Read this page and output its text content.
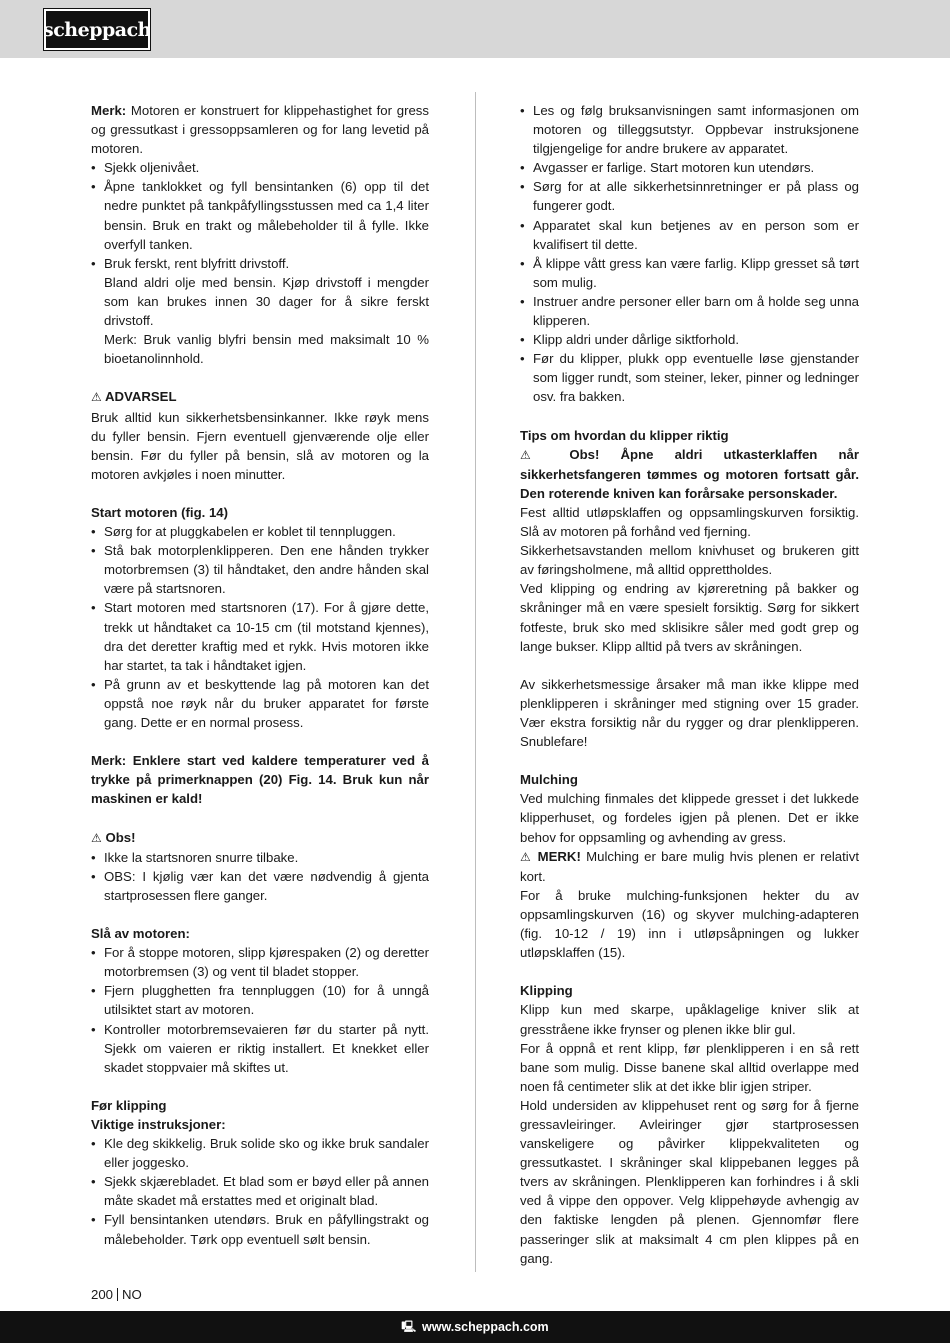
scheppach

Merk: Motoren er konstruert for klippehastighet for gress og gressutkast i gressoppsamleren og for lang levetid på motoren.

• Sjekk oljenivået.
• Åpne tanklokket og fyll bensintanken (6) opp til det nedre punktet på tankpåfyllingsstussen med ca 1,4 liter bensin. Bruk en trakt og målebeholder til å fylle. Ikke overfyll tanken.
• Bruk ferskt, rent blyfritt drivstoff.

Bland aldri olje med bensin. Kjøp drivstoff i mengder som kan brukes innen 30 dager for å sikre ferskt drivstoff.

Merk: Bruk vanlig blyfri bensin med maksimalt 10 % bioetanolinnhold.

⚠ ADVARSEL

Bruk alltid kun sikkerhetsbensinkanner. Ikke røyk mens du fyller bensin. Fjern eventuell gjenværende olje eller bensin. Før du fyller på bensin, slå av motoren og la motoren avkjøles i noen minutter.

Start motoren (fig. 14)

• Sørg for at pluggkabelen er koblet til tennpluggen.
• Stå bak motorplenklipperen. Den ene hånden trykker motorbremsen (3) til håndtaket, den andre hånden skal være på startsnoren.
• Start motoren med startsnoren (17). For å gjøre dette, trekk ut håndtaket ca 10-15 cm (til motstand kjennes), dra det deretter kraftig med et rykk. Hvis motoren ikke har startet, ta tak i håndtaket igjen.
• På grunn av et beskyttende lag på motoren kan det oppstå noe røyk når du bruker apparatet for første gang. Dette er en normal prosess.

Merk: Enklere start ved kaldere temperaturer ved å trykke på primerknappen (20) Fig. 14. Bruk kun når maskinen er kald!

⚠ Obs!

• Ikke la startsnoren snurre tilbake.
• OBS: I kjølig vær kan det være nødvendig å gjenta startprosessen flere ganger.

Slå av motoren:

• For å stoppe motoren, slipp kjørespaken (2) og deretter motorbremsen (3) og vent til bladet stopper.
• Fjern plugghetten fra tennpluggen (10) for å unngå utilsiktet start av motoren.
• Kontroller motorbremsevaieren før du starter på nytt. Sjekk om vaieren er riktig installert. Et knekket eller skadet stoppvaier må skiftes ut.

Før klipping

Viktige instruksjoner:

• Kle deg skikkelig. Bruk solide sko og ikke bruk sandaler eller joggesko.
• Sjekk skjærebladet. Et blad som er bøyd eller på annen måte skadet må erstattes med et originalt blad.
• Fyll bensintanken utendørs. Bruk en påfyllingstrakt og målebeholder. Tørk opp eventuell sølt bensin.
• Les og følg bruksanvisningen samt informasjonen om motoren og tilleggsutstyr. Oppbevar instruksjonene tilgjengelige for andre brukere av apparatet.
• Avgasser er farlige. Start motoren kun utendørs.
• Sørg for at alle sikkerhetsinnretninger er på plass og fungerer godt.
• Apparatet skal kun betjenes av en person som er kvalifisert til dette.
• Å klippe vått gress kan være farlig. Klipp gresset så tørt som mulig.
• Instruer andre personer eller barn om å holde seg unna klipperen.
• Klipp aldri under dårlige siktforhold.
• Før du klipper, plukk opp eventuelle løse gjenstander som ligger rundt, som steiner, leker, pinner og ledninger osv. fra bakken.

Tips om hvordan du klipper riktig

⚠ Obs! Åpne aldri utkasterklaffen når sikkerhetsfangeren tømmes og motoren fortsatt går. Den roterende kniven kan forårsake personskader.

Fest alltid utløpsklaffen og oppsamlingskurven forsiktig. Slå av motoren på forhånd ved fjerning.

Sikkerhetsavstanden mellom knivhuset og brukeren gitt av føringsholmene, må alltid opprettholdes.

Ved klipping og endring av kjøreretning på bakker og skråninger må en være spesielt forsiktig. Sørg for sikkert fotfeste, bruk sko med sklisikre såler med godt grep og lange bukser. Klipp alltid på tvers av skråningen.

Av sikkerhetsmessige årsaker må man ikke klippe med plenklipperen i skråninger med stigning over 15 grader. Vær ekstra forsiktig når du rygger og drar plenklipperen. Snublefare!

Mulching

Ved mulching finmales det klippede gresset i det lukkede klipperhuset, og fordeles igjen på plenen. Det er ikke behov for oppsamling og avhending av gress.

⚠ MERK! Mulching er bare mulig hvis plenen er relativt kort.

For å bruke mulching-funksjonen hekter du av oppsamlingskurven (16) og skyver mulching-adapteren (fig. 10-12 / 19) inn i utløpsåpningen og lukker utløpsklaffen (15).

Klipping

Klipp kun med skarpe, upåklagelige kniver slik at gresstråene ikke frynser og plenen ikke blir gul.

For å oppnå et rent klipp, før plenklipperen i en så rett bane som mulig. Disse banene skal alltid overlappe med noen få centimeter slik at det ikke blir igjen striper.

Hold undersiden av klippehuset rent og sørg for å fjerne gressavleiringer. Avleiringer gjør startprosessen vanskeligere og påvirker klippekvaliteten og gressutkastet. I skråninger skal klippebanen legges på tvers av skråningen. Plenklipperen kan forhindres i å skli ved å vippe den oppover. Velg klippehøyde avhengig av den faktiske lengden på plenen. Gjennomfør flere passeringer slik at maksimalt 4 cm plen klippes på en gang.

200 NO
🖳 www.scheppach.com
